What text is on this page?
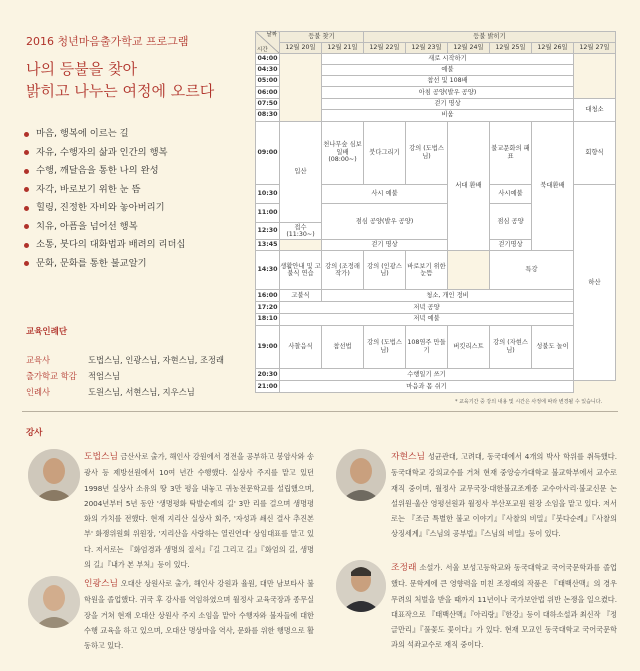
2016 청년마음출가학교 프로그램
나의 등불을 찾아
밝히고 나누는 여정에 오르다
마음, 행복에 이르는 길
자유, 수행자의 삶과 인간의 행복
수행, 깨달음을 통한 나의 완성
자각, 바로보기 위한 눈 뜸
힐링, 진정한 자비와 놓아버리기
치유, 아픔을 넘어선 행복
소통, 붓다의 대화법과 배려의 리더십
문화, 문화를 통한 불교알기
교육인례단
교육사	도법스님, 인광스님, 자현스님, 조정래
출가학교 학감	적엄스님
인례사	도원스님, 서현스님, 지우스님
날짜
시간	등불 찾기		등불 밝히기					
	12월 20일	12월 21일	12월 22일	12월 23일	12월 24일	12월 25일	12월 26일	12월 27일
04:00		새로 시작하기						
04:30		예불						
05:00		참선 및 108배						
06:00		아침 공양(발우 공양)						
07:50		걷기 명상						대청소
08:30		비움						
09:00	입산	천나무숲 심보일배 (08:00~)	붓다그리기	강의 (도법스님)	서대 환배	불교문화의 패표	북대환배	회향식
10:30		사시 예불				사시예불		하산
11:00		점심 공양(발우 공양)				점심 공양		
12:30	접수 (11:30~)							
13:45		걷기 명상				걷기명상		
14:30	생활안내 및 고불식 연습	강의 (조정래 작가)	강의 (인광스님)	바로보기 위한 눈뜸		특강		
16:00	고불식	청소, 개인 정비						
17:20	저녁 공양							
18:10	저녁 예불							
19:00	사찰음식	참선법	강의 (도법스님)	108염주 만들기	버킷리스트	강의 (자현스님)	성불도 놀이	
20:30	수행일기 쓰기							
21:00	마음과 몸 쉬기							
* 교육기간 중 강의 내용 및 시간은 사정에 따라 변경될 수 있습니다.
강사
도법스님 금산사로 출가, 해인사 강원에서 경전을 공부하고 봉암사와 송광사 등 제방선원에서 10여 년간 수행했다. 실상사 주지를 맡고 있던 1998년 실상사 소유의 땅 3만 평을 내놓고 귀농전문학교를 설립했으며, 2004년부터 5년 동안 '생명평화 탁발순례의 길' 3만 리를 걸으며 생명평화의 가치를 전했다. 현재 지리산 실상사 회주, '자성과 쇄신 결사 추진본부' 화쟁위원회 위원장, '지리산을 사랑하는 열린연대' 상임대표를 맡고 있다. 저서로는 『화엄경과 생명의 질서』『길 그리고 길』『화엄의 길, 생명의 길』『내가 본 부처』등이 있다.
인광스님 오대산 상원사로 출가, 해인사 강원과 율원, 대만 남보타사 불학원을 졸업했다. 귀국 후 강사를 역임하였으며 월정사 교육국장과 종무실장을 거쳐 현재 오대산 상원사 주지 소임을 맡아 수행자와 불자들에 대한 수행 교육을 하고 있으며, 오대산 명상마을 역사, 문화를 위한 행명으로 활동하고 있다.
자현스님 성균관대, 고려대, 동국대에서 4개의 박사 학위를 취득했다. 동국대학교 강의교수를 거쳐 현재 중앙승가대학교 불교학부에서 교수로 재직 중이며, 월정사 교무국장·대한불교조계종 교수아사리·불교신문 논설위원·울산 영평선원과 월정사 부산포교원 원장 소임을 맡고 있다. 저서로는 『조금 특별한 불교 이야기』『사찰의 비밀』『붓다순례』『사찰의 상징세계』『스님의 공부법』『스님의 비밀』등이 있다.
조정래 소설가. 서울 보성고등학교와 동국대학교 국어국문학과를 졸업했다. 문학계에 큰 영향력을 미친 조정래의 작품은 『태백산맥』의 경우 무려의 처벌을 받을 때까지 11년이나 국가보안법 위반 논쟁을 일으켰다. 대표작으로 『태백산맥』『아리랑』『한강』등이 대하소설과 최신작 『정글만리』『풀꽃도 꽃이다』가 있다. 현재 모교인 동국대학교 국어국문학과의 석좌교수로 재직 중이다.
